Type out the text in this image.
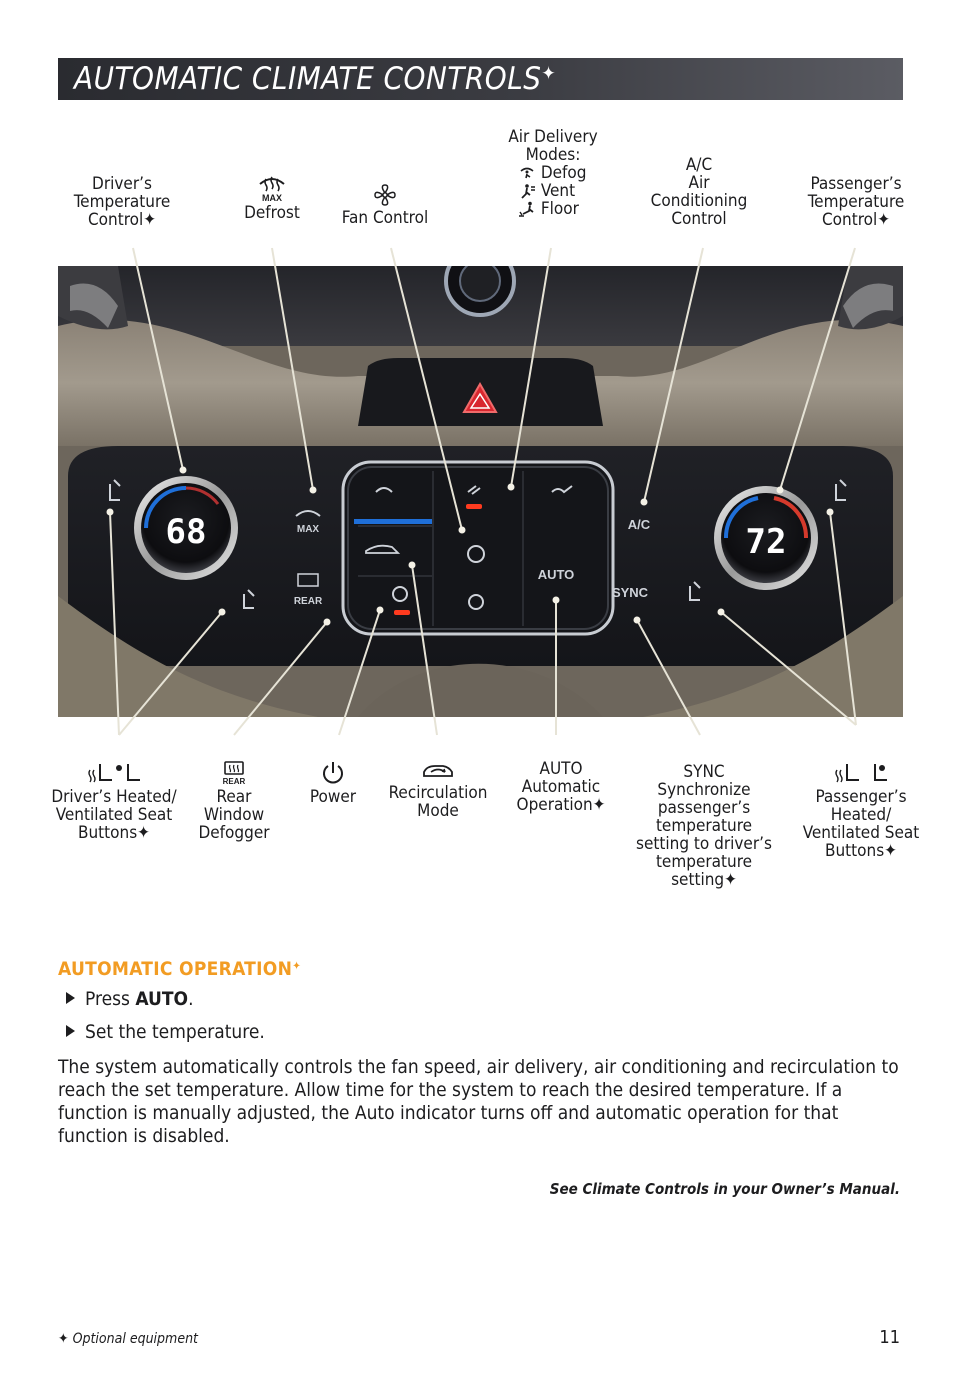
AUTOMATIC CLIMATE CONTROLS✦
Driver’s
Temperature
Control✦
MAX
Defrost	Fan Control
Air Delivery
Modes:
Defog
Vent
Floor
A/C
Air
Conditioning
Control
Passenger’s
Temperature
Control✦
AUTO
68	72
MAX
REAR
A/C
SYNC
Driver’s Heated/
Ventilated Seat
Buttons✦
REAR
Rear
Window
Defogger
Power	Recirculation
Mode
AUTO
Automatic
Operation✦
SYNC
Synchronize
passenger’s
temperature
setting to driver’s
temperature
setting✦
Passenger’s
Heated/
Ventilated Seat
Buttons✦
AUTOMATIC OPERATION✦
Press AUTO.
Set the temperature.
The system automatically controls the fan speed, air delivery, air conditioning and recirculation to reach the set temperature. Allow time for the system to reach the desired temperature. If a function is manually adjusted, the Auto indicator turns off and automatic operation for that function is disabled.
See Climate Controls in your Owner’s Manual.
✦ Optional equipment	11
